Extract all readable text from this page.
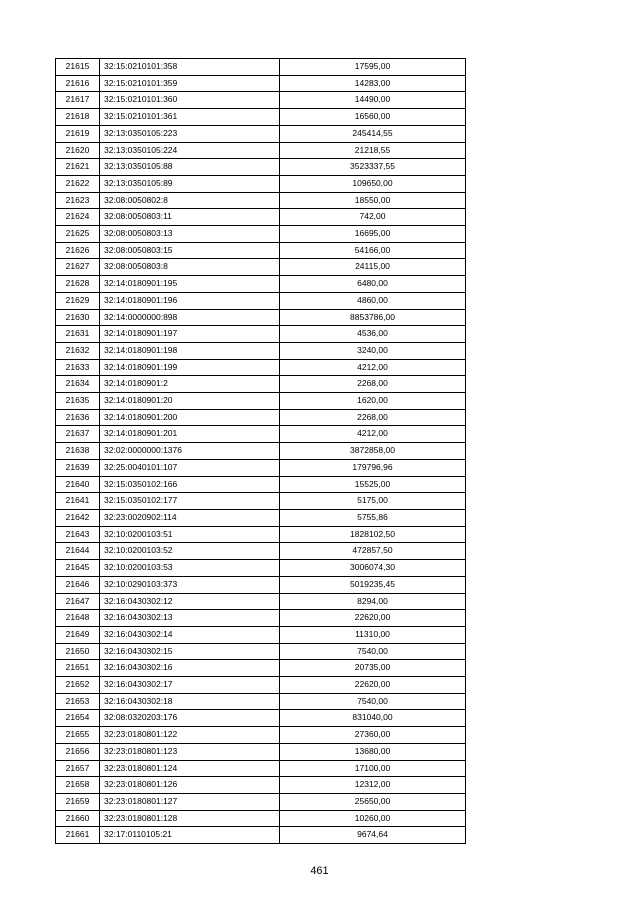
21615	32:15:0210101:358	17595,00
21616	32:15:0210101:359	14283,00
21617	32:15:0210101:360	14490,00
21618	32:15:0210101:361	16560,00
21619	32:13:0350105:223	245414,55
21620	32:13:0350105:224	21218,55
21621	32:13:0350105:88	3523337,55
21622	32:13:0350105:89	109650,00
21623	32:08:0050802:8	18550,00
21624	32:08:0050803:11	742,00
21625	32:08:0050803:13	16695,00
21626	32:08:0050803:15	54166,00
21627	32:08:0050803:8	24115,00
21628	32:14:0180901:195	6480,00
21629	32:14:0180901:196	4860,00
21630	32:14:0000000:898	8853786,00
21631	32:14:0180901:197	4536,00
21632	32:14:0180901:198	3240,00
21633	32:14:0180901:199	4212,00
21634	32:14:0180901:2	2268,00
21635	32:14:0180901:20	1620,00
21636	32:14:0180901:200	2268,00
21637	32:14:0180901:201	4212,00
21638	32:02:0000000:1376	3872858,00
21639	32:25:0040101:107	179796,96
21640	32:15:0350102:166	15525,00
21641	32:15:0350102:177	5175,00
21642	32:23:0020902:114	5755,86
21643	32:10:0200103:51	1828102,50
21644	32:10:0200103:52	472857,50
21645	32:10:0200103:53	3006074,30
21646	32:10:0290103:373	5019235,45
21647	32:16:0430302:12	8294,00
21648	32:16:0430302:13	22620,00
21649	32:16:0430302:14	11310,00
21650	32:16:0430302:15	7540,00
21651	32:16:0430302:16	20735,00
21652	32:16:0430302:17	22620,00
21653	32:16:0430302:18	7540,00
21654	32:08:0320203:176	831040,00
21655	32:23:0180801:122	27360,00
21656	32:23:0180801:123	13680,00
21657	32:23:0180801:124	17100,00
21658	32:23:0180801:126	12312,00
21659	32:23:0180801:127	25650,00
21660	32:23:0180801:128	10260,00
21661	32:17:0110105:21	9674,64
461
